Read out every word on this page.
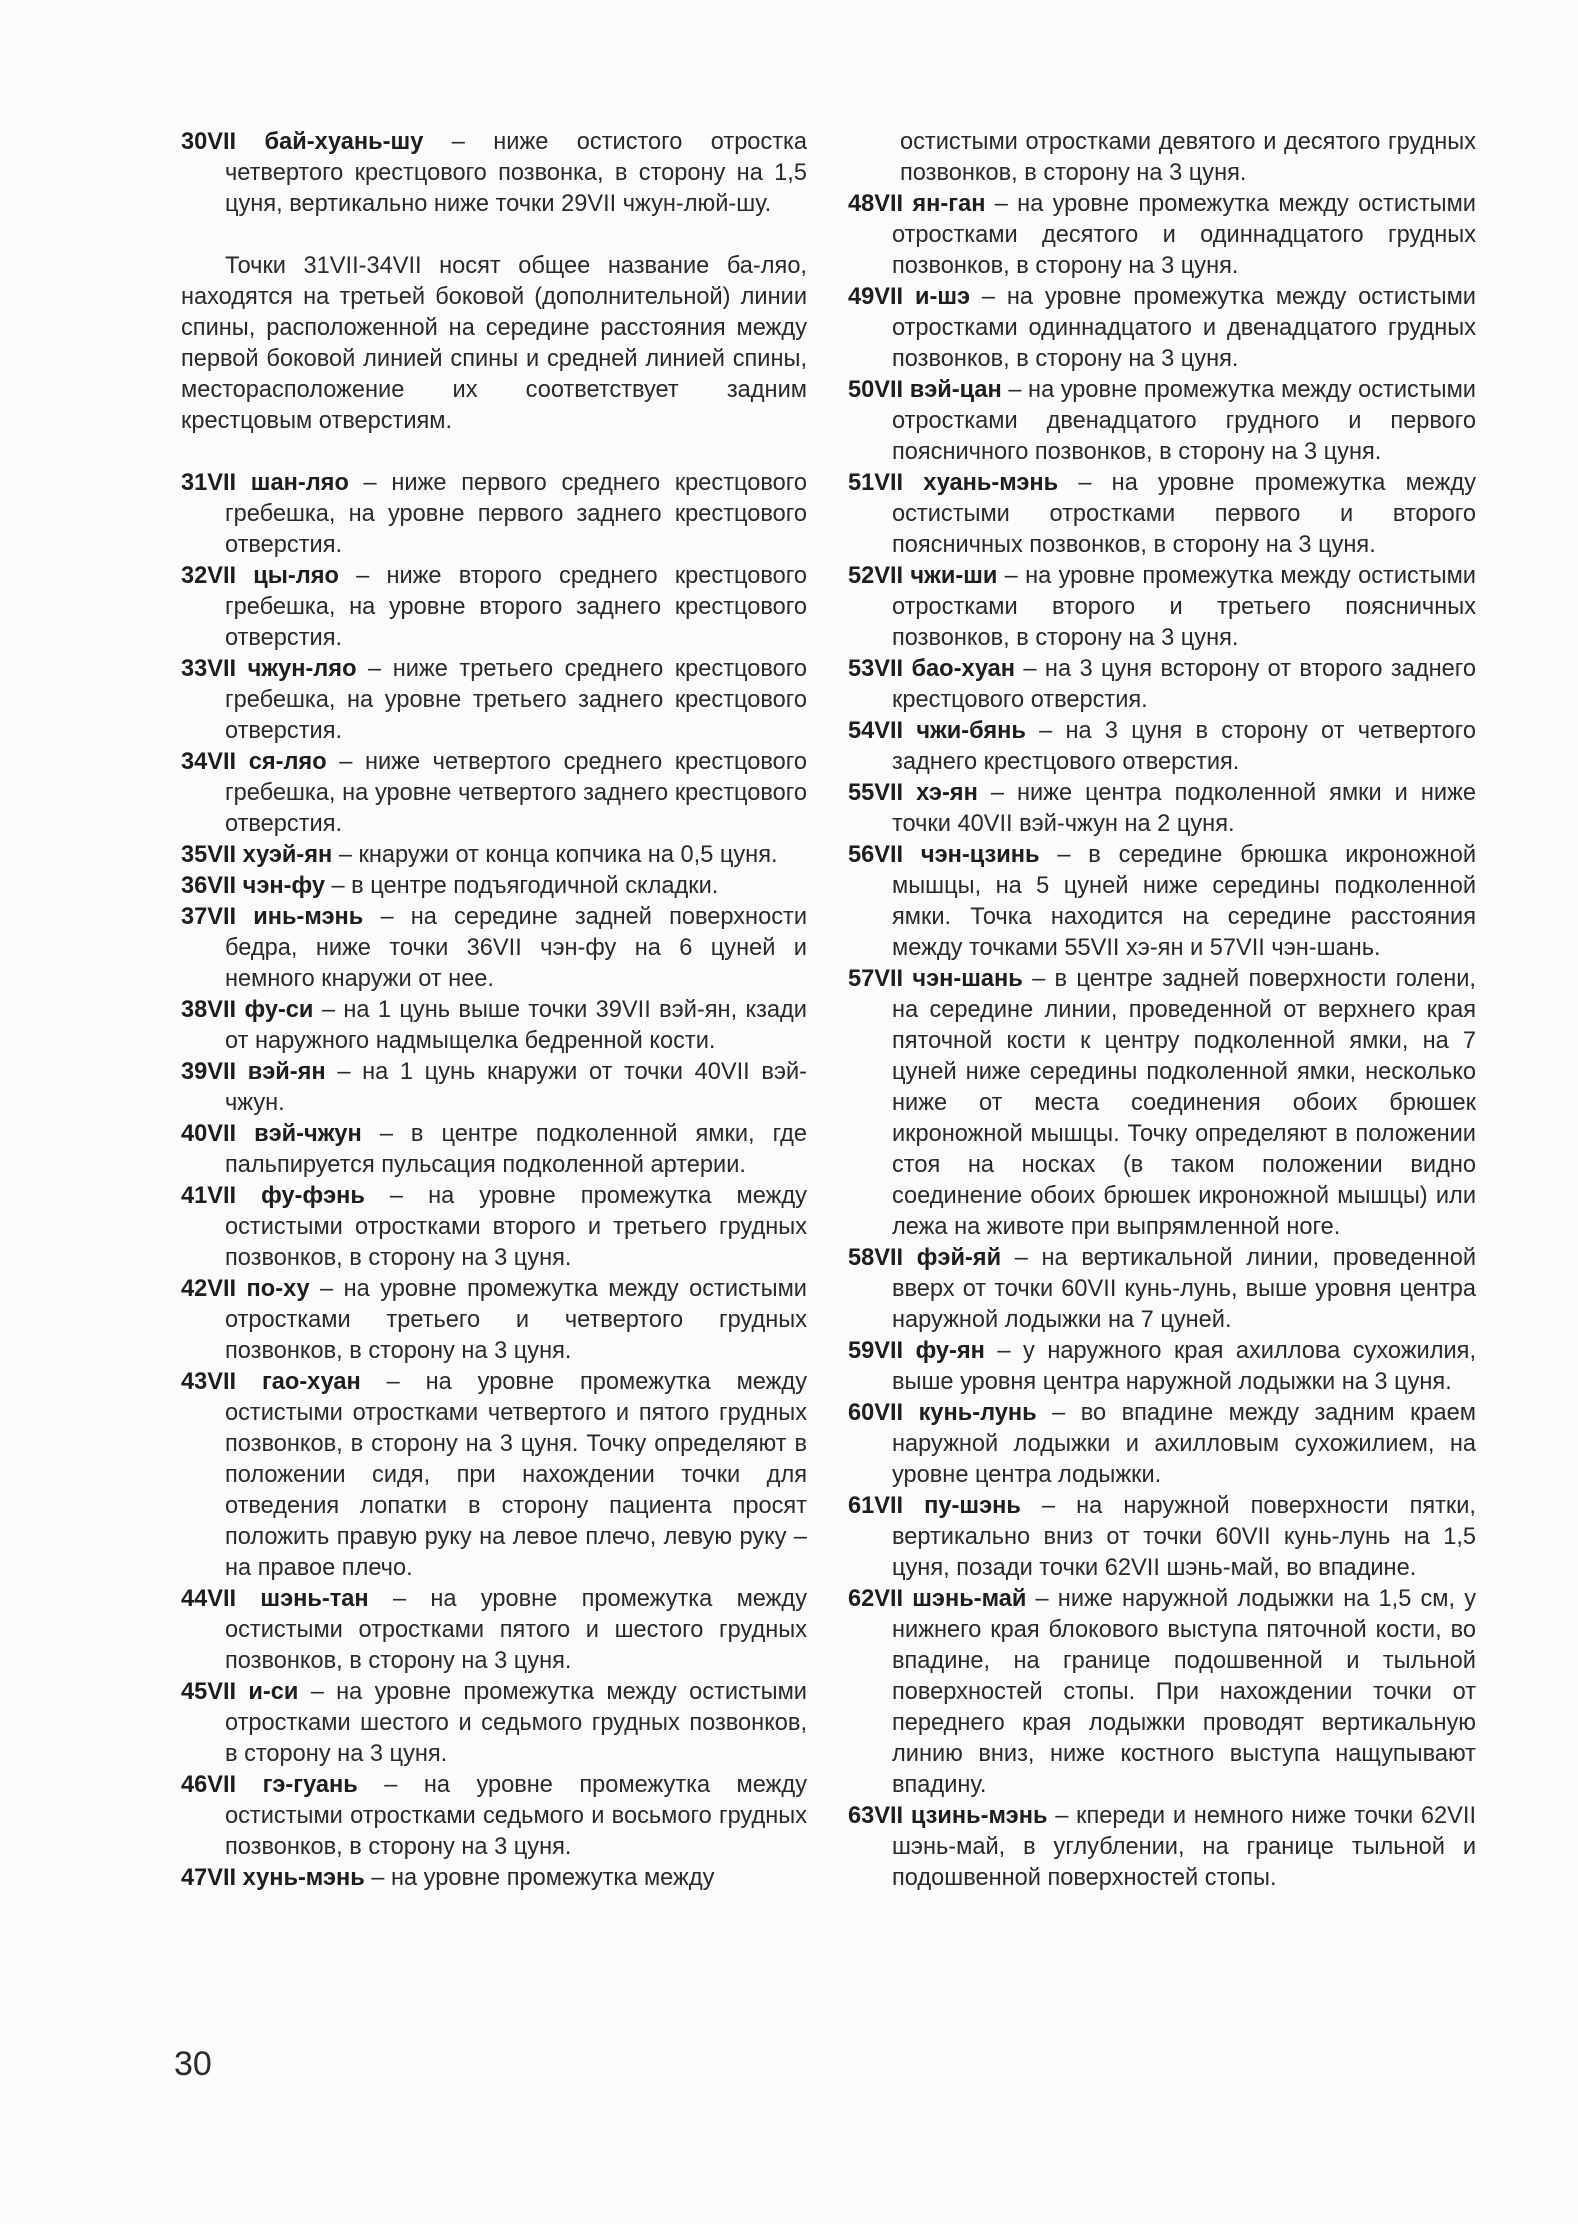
30VII бай-хуань-шу – ниже остистого отростка четвертого крестцового позвонка, в сторону на 1,5 цуня, вертикально ниже точки 29VII чжун-люй-шу.

Точки 31VII-34VII носят общее название ба-ляо, находятся на третьей боковой (дополнительной) линии спины, расположенной на середине расстояния между первой боковой линией спины и средней линией спины, месторасположение их соответствует задним крестцовым отверстиям.

31VII шан-ляо – ниже первого среднего крестцового гребешка, на уровне первого заднего крестцового отверстия.

32VII цы-ляо – ниже второго среднего крестцового гребешка, на уровне второго заднего крестцового отверстия.

33VII чжун-ляо – ниже третьего среднего крестцового гребешка, на уровне третьего заднего крестцового отверстия.

34VII ся-ляо – ниже четвертого среднего крестцового гребешка, на уровне четвертого заднего крестцового отверстия.

35VII хуэй-ян – кнаружи от конца копчика на 0,5 цуня.

36VII чэн-фу – в центре подъягодичной складки.

37VII инь-мэнь – на середине задней поверхности бедра, ниже точки 36VII чэн-фу на 6 цуней и немного кнаружи от нее.

38VII фу-си – на 1 цунь выше точки 39VII вэй-ян, кзади от наружного надмыщелка бедренной кости.

39VII вэй-ян – на 1 цунь кнаружи от точки 40VII вэй-чжун.

40VII вэй-чжун – в центре подколенной ямки, где пальпируется пульсация подколенной артерии.

41VII фу-фэнь – на уровне промежутка между остистыми отростками второго и третьего грудных позвонков, в сторону на 3 цуня.

42VII по-ху – на уровне промежутка между остистыми отростками третьего и четвертого грудных позвонков, в сторону на 3 цуня.

43VII гао-хуан – на уровне промежутка между остистыми отростками четвертого и пятого грудных позвонков, в сторону на 3 цуня. Точку определяют в положении сидя, при нахождении точки для отведения лопатки в сторону пациента просят положить правую руку на левое плечо, левую руку – на правое плечо.

44VII шэнь-тан – на уровне промежутка между остистыми отростками пятого и шестого грудных позвонков, в сторону на 3 цуня.

45VII и-си – на уровне промежутка между остистыми отростками шестого и седьмого грудных позвонков, в сторону на 3 цуня.

46VII гэ-гуань – на уровне промежутка между остистыми отростками седьмого и восьмого грудных позвонков, в сторону на 3 цуня.

47VII хунь-мэнь – на уровне промежутка между

остистыми отростками девятого и десятого грудных позвонков, в сторону на 3 цуня.

48VII ян-ган – на уровне промежутка между остистыми отростками десятого и одиннадцатого грудных позвонков, в сторону на 3 цуня.

49VII и-шэ – на уровне промежутка между остистыми отростками одиннадцатого и двенадцатого грудных позвонков, в сторону на 3 цуня.

50VII вэй-цан – на уровне промежутка между остистыми отростками двенадцатого грудного и первого поясничного позвонков, в сторону на 3 цуня.

51VII хуань-мэнь – на уровне промежутка между остистыми отростками первого и второго поясничных позвонков, в сторону на 3 цуня.

52VII чжи-ши – на уровне промежутка между остистыми отростками второго и третьего поясничных позвонков, в сторону на 3 цуня.

53VII бао-хуан – на 3 цуня всторону от второго заднего крестцового отверстия.

54VII чжи-бянь – на 3 цуня в сторону от четвертого заднего крестцового отверстия.

55VII хэ-ян – ниже центра подколенной ямки и ниже точки 40VII вэй-чжун на 2 цуня.

56VII чэн-цзинь – в середине брюшка икроножной мышцы, на 5 цуней ниже середины подколенной ямки. Точка находится на середине расстояния между точками 55VII хэ-ян и 57VII чэн-шань.

57VII чэн-шань – в центре задней поверхности голени, на середине линии, проведенной от верхнего края пяточной кости к центру подколенной ямки, на 7 цуней ниже середины подколенной ямки, несколько ниже от места соединения обоих брюшек икроножной мышцы. Точку определяют в положении стоя на носках (в таком положении видно соединение обоих брюшек икроножной мышцы) или лежа на животе при выпрямленной ноге.

58VII фэй-яй – на вертикальной линии, проведенной вверх от точки 60VII кунь-лунь, выше уровня центра наружной лодыжки на 7 цуней.

59VII фу-ян – у наружного края ахиллова сухожилия, выше уровня центра наружной лодыжки на 3 цуня.

60VII кунь-лунь – во впадине между задним краем наружной лодыжки и ахилловым сухожилием, на уровне центра лодыжки.

61VII пу-шэнь – на наружной поверхности пятки, вертикально вниз от точки 60VII кунь-лунь на 1,5 цуня, позади точки 62VII шэнь-май, во впадине.

62VII шэнь-май – ниже наружной лодыжки на 1,5 см, у нижнего края блокового выступа пяточной кости, во впадине, на границе подошвенной и тыльной поверхностей стопы. При нахождении точки от переднего края лодыжки проводят вертикальную линию вниз, ниже костного выступа нащупывают впадину.

63VII цзинь-мэнь – кпереди и немного ниже точки 62VII шэнь-май, в углублении, на границе тыльной и подошвенной поверхностей стопы.

30
